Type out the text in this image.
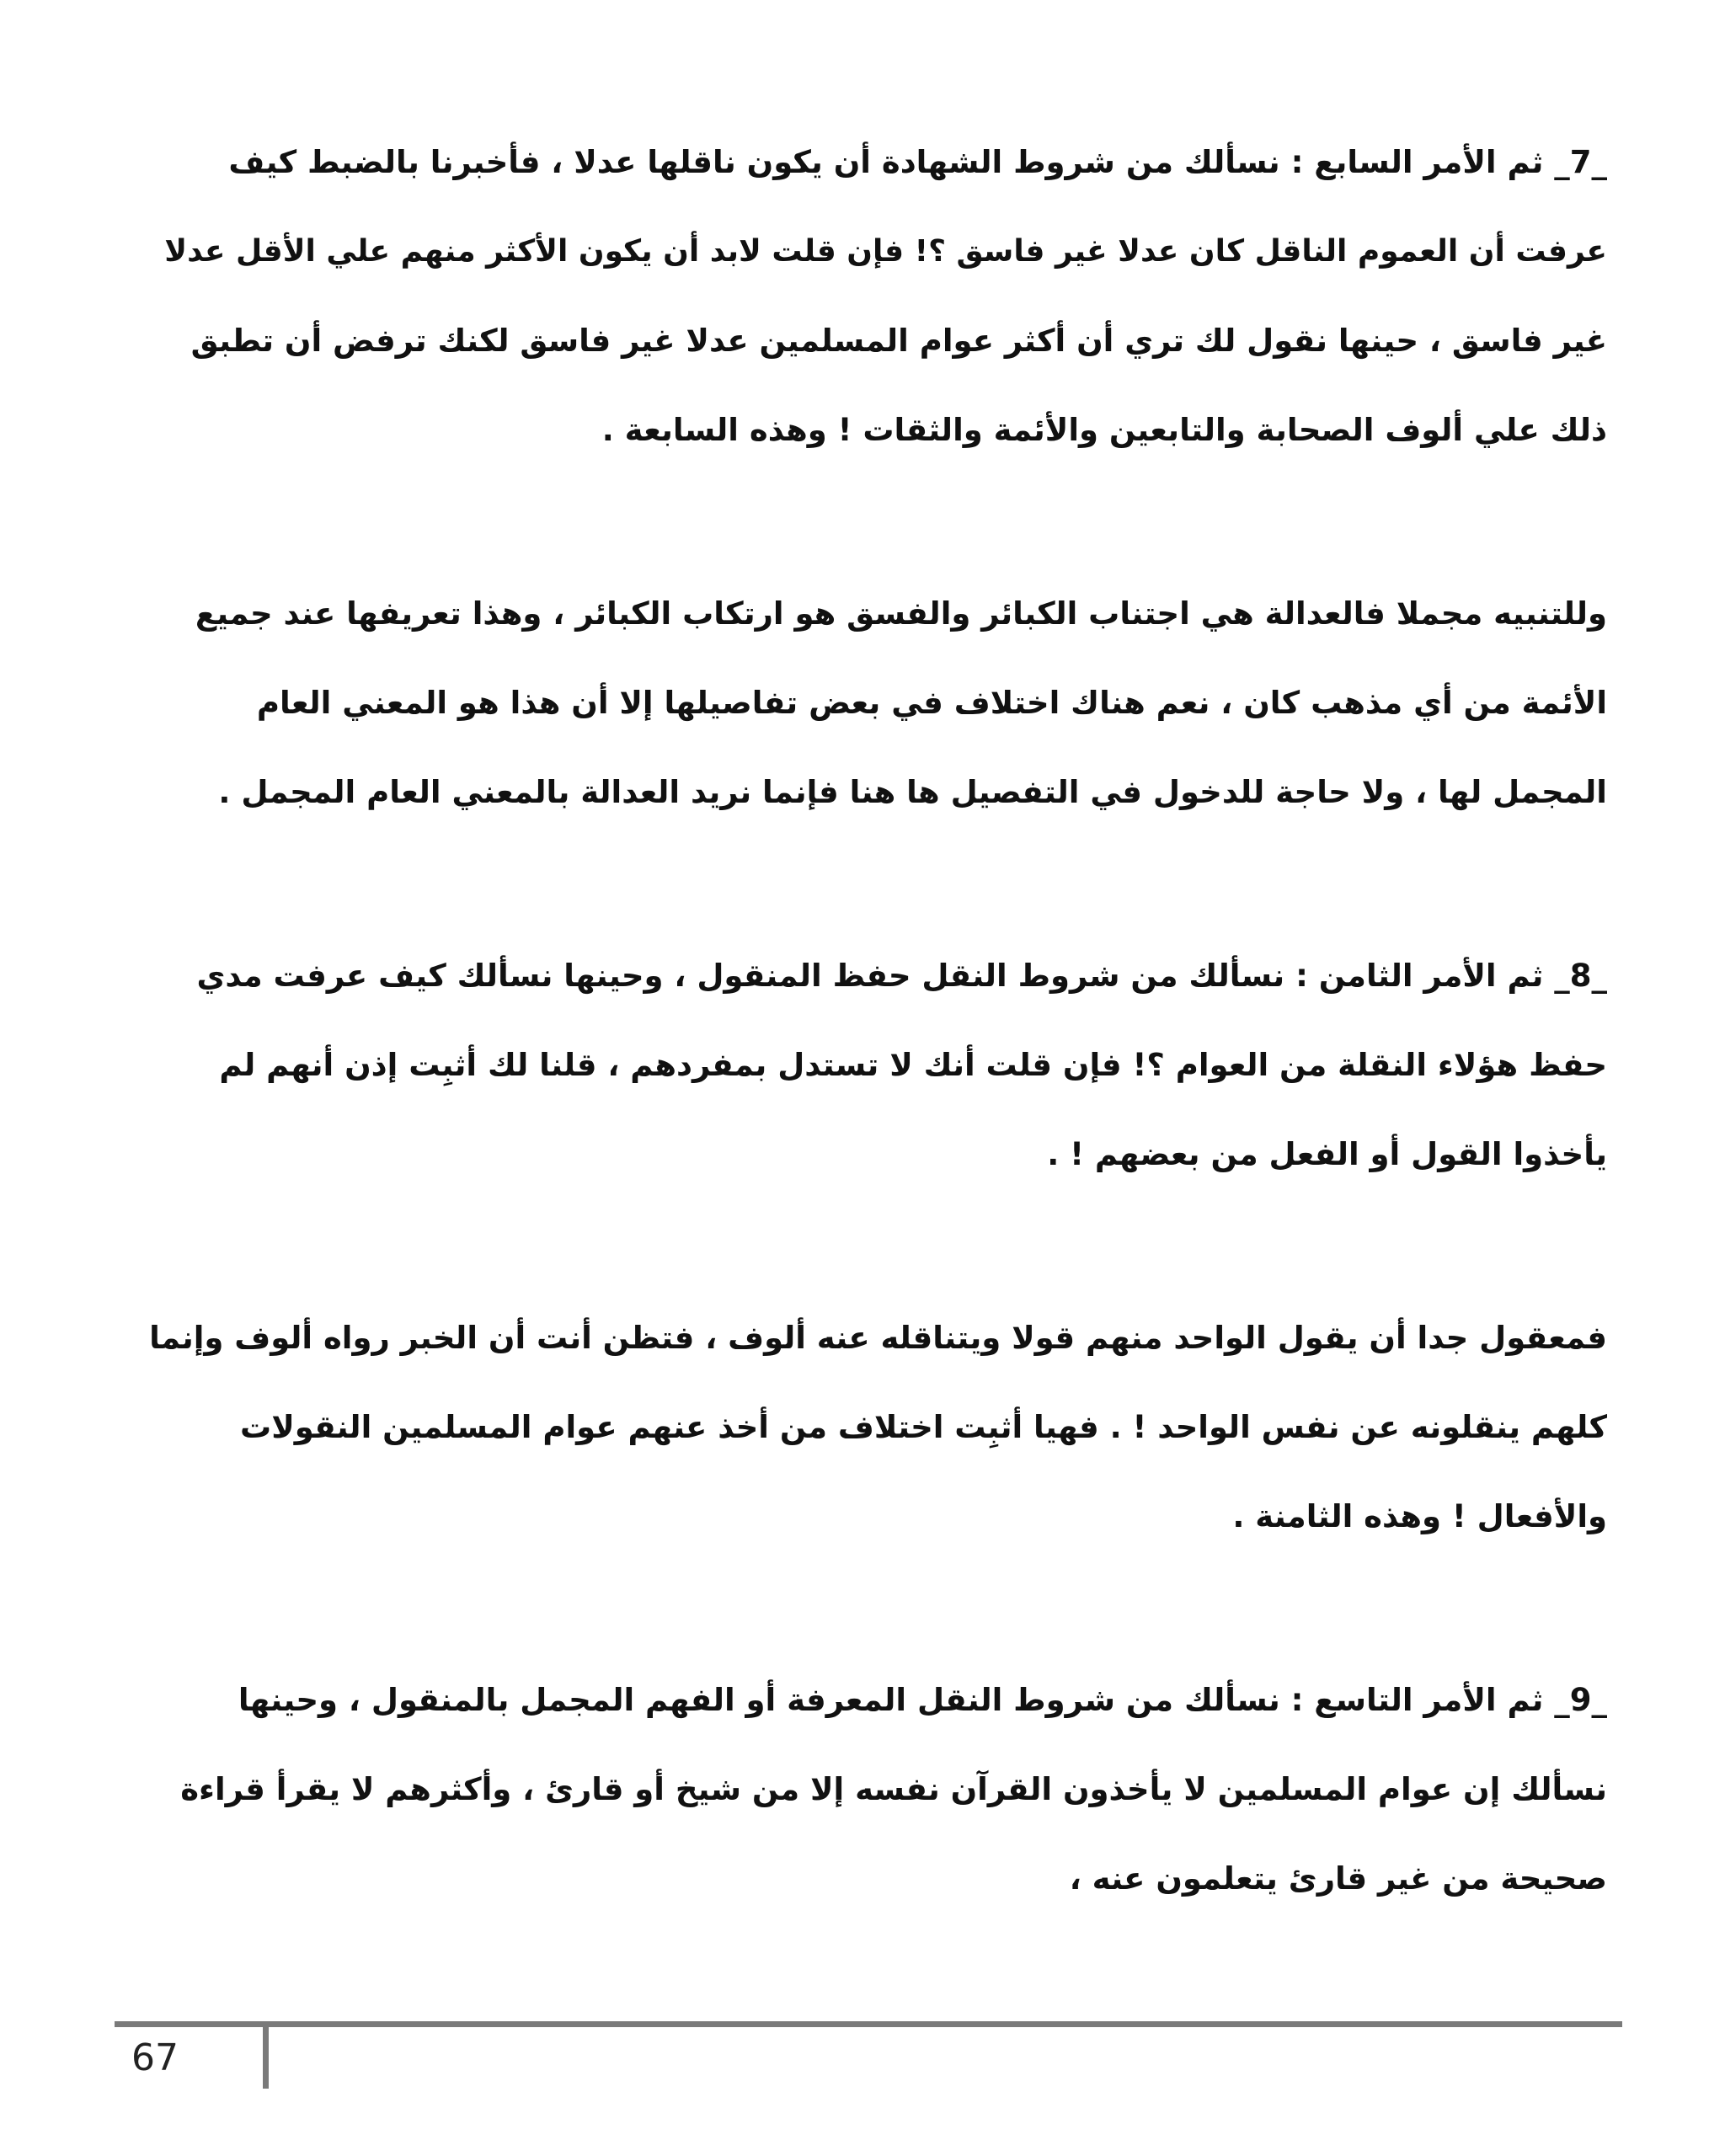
_7_ ثم الأمر السابع : نسألك من شروط الشهادة أن يكون ناقلها عدلا ، فأخبرنا بالضبط كيف
عرفت أن العموم الناقل كان عدلا غير فاسق ؟! فإن قلت لابد أن يكون الأكثر منهم علي الأقل عدلا
غير فاسق ، حينها نقول لك تري أن أكثر عوام المسلمين عدلا غير فاسق لكنك ترفض أن تطبق
ذلك علي ألوف الصحابة والتابعين والأئمة والثقات ! وهذه السابعة .
وللتنبيه مجملا فالعدالة هي اجتناب الكبائر والفسق هو ارتكاب الكبائر ، وهذا تعريفها عند جميع
الأئمة من أي مذهب كان ، نعم هناك اختلاف في بعض تفاصيلها إلا أن هذا هو المعني العام
المجمل لها ، ولا حاجة للدخول في التفصيل ها هنا فإنما نريد العدالة بالمعني العام المجمل .
_8_ ثم الأمر الثامن : نسألك من شروط النقل حفظ المنقول ، وحينها نسألك كيف عرفت مدي
حفظ هؤلاء النقلة من العوام ؟! فإن قلت أنك لا تستدل بمفردهم ، قلنا لك أثبِت إذن أنهم لم
يأخذوا القول أو الفعل من بعضهم ! .
فمعقول جدا أن يقول الواحد منهم قولا ويتناقله عنه ألوف ، فتظن أنت أن الخبر رواه ألوف وإنما
كلهم ينقلونه عن نفس الواحد ! . فهيا أثبِت اختلاف من أخذ عنهم عوام المسلمين النقولات
والأفعال ! وهذه الثامنة .
_9_ ثم الأمر التاسع : نسألك من شروط النقل المعرفة أو الفهم المجمل بالمنقول ، وحينها
نسألك إن عوام المسلمين لا يأخذون القرآن نفسه إلا من شيخ أو قارئ ، وأكثرهم لا يقرأ قراءة
صحيحة من غير قارئ يتعلمون عنه ،
67
